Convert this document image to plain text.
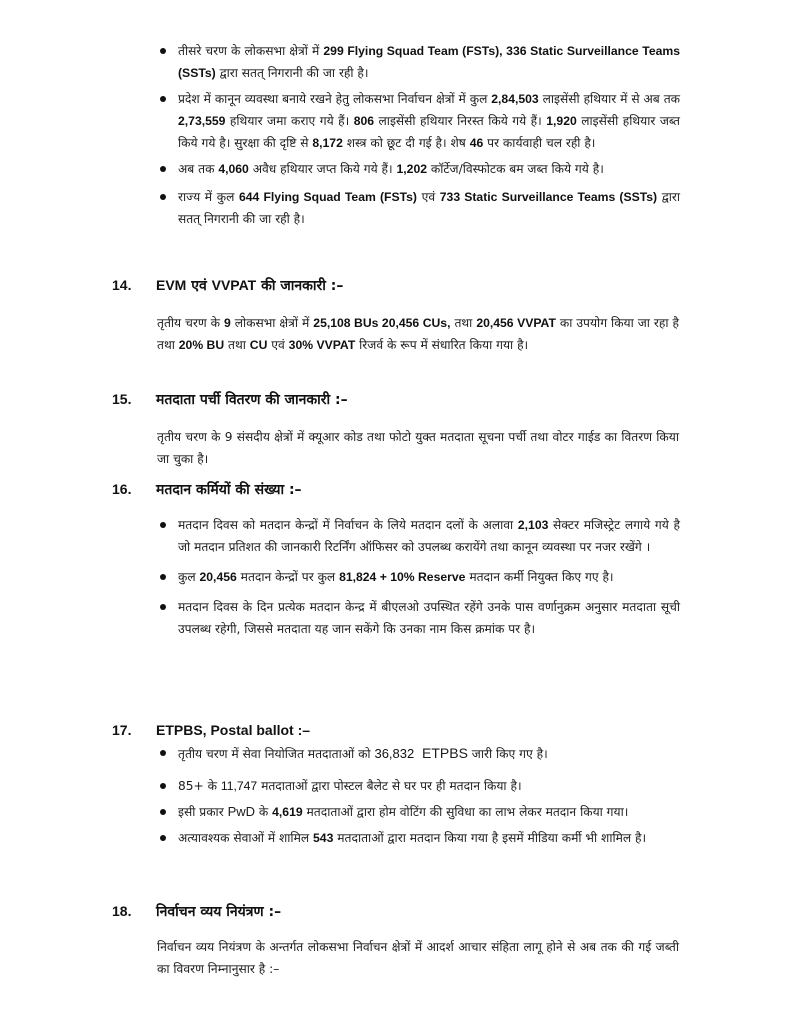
तीसरे चरण के लोकसभा क्षेत्रों में 299 Flying Squad Team (FSTs), 336 Static Surveillance Teams (SSTs) द्वारा सतत् निगरानी की जा रही है।
प्रदेश में कानून व्यवस्था बनाये रखने हेतु लोकसभा निर्वाचन क्षेत्रों में कुल 2,84,503 लाइसेंसी हथियार में से अब तक 2,73,559 हथियार जमा कराए गये हैं। 806 लाइसेंसी हथियार निरस्त किये गये हैं। 1,920 लाइसेंसी हथियार जब्त किये गये है। सुरक्षा की दृष्टि से 8,172 शस्त्र को छूट दी गई है। शेष 46 पर कार्यवाही चल रही है।
अब तक 4,060 अवैध हथियार जप्त किये गये हैं। 1,202 कॉर्टेज/विस्फोटक बम जब्त किये गये है।
राज्य में कुल 644 Flying Squad Team (FSTs) एवं 733 Static Surveillance Teams (SSTs) द्वारा सतत् निगरानी की जा रही है।
14.	EVM एवं VVPAT की जानकारी :–

तृतीय चरण के 9 लोकसभा क्षेत्रों में 25,108 BUs 20,456 CUs, तथा 20,456 VVPAT का उपयोग किया जा रहा है तथा 20% BU तथा CU एवं 30% VVPAT रिजर्व के रूप में संधारित किया गया है।

15.	मतदाता पर्ची वितरण की जानकारी :–

तृतीय चरण के 9 संसदीय क्षेत्रों में क्यूआर कोड तथा फोटो युक्त मतदाता सूचना पर्ची तथा वोटर गाईड का वितरण किया जा चुका है।

16.	मतदान कर्मियों की संख्या :–
मतदान दिवस को मतदान केन्द्रों में निर्वाचन के लिये मतदान दलों के अलावा 2,103 सेक्टर मजिस्ट्रेट लगाये गये है जो मतदान प्रतिशत की जानकारी रिटर्निंग ऑफिसर को उपलब्ध करायेंगे तथा कानून व्यवस्था पर नजर रखेंगे ।
कुल 20,456 मतदान केन्द्रों पर कुल 81,824 + 10% Reserve मतदान कर्मी नियुक्त किए गए है।
मतदान दिवस के दिन प्रत्येक मतदान केन्द्र में बीएलओ उपस्थित रहेंगे उनके पास वर्णानुक्रम अनुसार मतदाता सूची उपलब्ध रहेगी, जिससे मतदाता यह जान सकेंगे कि उनका नाम किस क्रमांक पर है।
17.	ETPBS, Postal ballot :–
तृतीय चरण में सेवा नियोजित मतदाताओं को 36,832  ETPBS जारी किए गए है।
85+ के 11,747 मतदाताओं द्वारा पोस्टल बैलेट से घर पर ही मतदान किया है।
इसी प्रकार PwD के 4,619 मतदाताओं द्वारा होम वोटिंग की सुविधा का लाभ लेकर मतदान किया गया।
अत्यावश्यक सेवाओं में शामिल 543 मतदाताओं द्वारा मतदान किया गया है इसमें मीडिया कर्मी भी शामिल है।
18.	निर्वाचन व्यय नियंत्रण :–

निर्वाचन व्यय नियंत्रण के अन्तर्गत लोकसभा निर्वाचन क्षेत्रों में आदर्श आचार संहिता लागू होने से अब तक की गई जब्ती का विवरण निम्नानुसार है :–
